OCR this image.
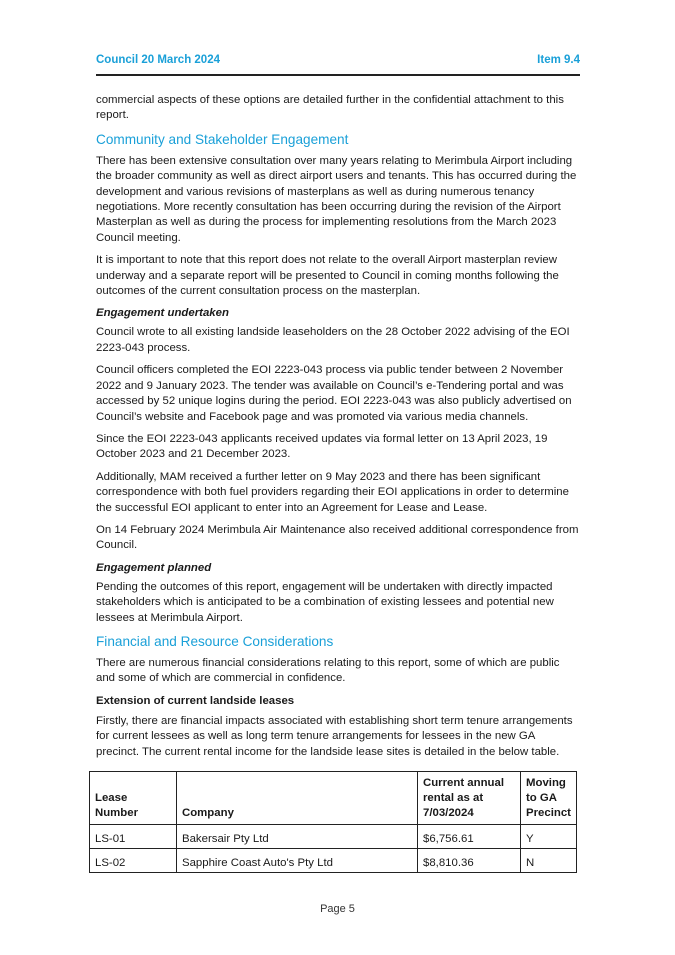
Council 20 March 2024	Item 9.4

commercial aspects of these options are detailed further in the confidential attachment to this report.

Community and Stakeholder Engagement

There has been extensive consultation over many years relating to Merimbula Airport including the broader community as well as direct airport users and tenants. This has occurred during the development and various revisions of masterplans as well as during numerous tenancy negotiations. More recently consultation has been occurring during the revision of the Airport Masterplan as well as during the process for implementing resolutions from the March 2023 Council meeting.

It is important to note that this report does not relate to the overall Airport masterplan review underway and a separate report will be presented to Council in coming months following the outcomes of the current consultation process on the masterplan.

Engagement undertaken

Council wrote to all existing landside leaseholders on the 28 October 2022 advising of the EOI 2223-043 process.

Council officers completed the EOI 2223-043 process via public tender between 2 November 2022 and 9 January 2023. The tender was available on Council’s e-Tendering portal and was accessed by 52 unique logins during the period. EOI 2223-043 was also publicly advertised on Council’s website and Facebook page and was promoted via various media channels.

Since the EOI 2223-043 applicants received updates via formal letter on 13 April 2023, 19 October 2023 and 21 December 2023.

Additionally, MAM received a further letter on 9 May 2023 and there has been significant correspondence with both fuel providers regarding their EOI applications in order to determine the successful EOI applicant to enter into an Agreement for Lease and Lease.

On 14 February 2024 Merimbula Air Maintenance also received additional correspondence from Council.

Engagement planned

Pending the outcomes of this report, engagement will be undertaken with directly impacted stakeholders which is anticipated to be a combination of existing lessees and potential new lessees at Merimbula Airport.

Financial and Resource Considerations

There are numerous financial considerations relating to this report, some of which are public and some of which are commercial in confidence.

Extension of current landside leases

Firstly, there are financial impacts associated with establishing short term tenure arrangements for current lessees as well as long term tenure arrangements for lessees in the new GA precinct. The current rental income for the landside lease sites is detailed in the below table.

Lease Number	Company	Current annual rental as at 7/03/2024	Moving to GA Precinct
LS-01	Bakersair Pty Ltd	$6,756.61	Y
LS-02	Sapphire Coast Auto's Pty Ltd	$8,810.36	N
Page 5
